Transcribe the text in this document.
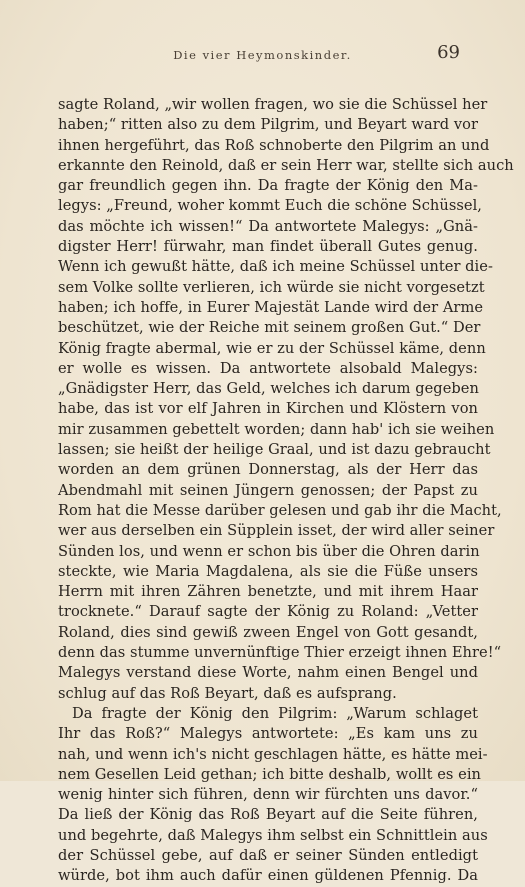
Die vier Heymonskinder.	69
sagte Roland, „wir wollen fragen, wo sie die Schüssel her
haben;“ ritten also zu dem Pilgrim, und Beyart ward vor
ihnen hergeführt, das Roß schnoberte den Pilgrim an und
erkannte den Reinold, daß er sein Herr war, stellte sich auch
gar freundlich gegen ihn. Da fragte der König den Ma-
legys: „Freund, woher kommt Euch die schöne Schüssel,
das möchte ich wissen!“ Da antwortete Malegys: „Gnä-
digster Herr! fürwahr, man findet überall Gutes genug.
Wenn ich gewußt hätte, daß ich meine Schüssel unter die-
sem Volke sollte verlieren, ich würde sie nicht vorgesetzt
haben; ich hoffe, in Eurer Majestät Lande wird der Arme
beschützet, wie der Reiche mit seinem großen Gut.“ Der
König fragte abermal, wie er zu der Schüssel käme, denn
er wolle es wissen. Da antwortete alsobald Malegys:
„Gnädigster Herr, das Geld, welches ich darum gegeben
habe, das ist vor elf Jahren in Kirchen und Klöstern von
mir zusammen gebettelt worden; dann hab' ich sie weihen
lassen; sie heißt der heilige Graal, und ist dazu gebraucht
worden an dem grünen Donnerstag, als der Herr das
Abendmahl mit seinen Jüngern genossen; der Papst zu
Rom hat die Messe darüber gelesen und gab ihr die Macht,
wer aus derselben ein Süpplein isset, der wird aller seiner
Sünden los, und wenn er schon bis über die Ohren darin
steckte, wie Maria Magdalena, als sie die Füße unsers
Herrn mit ihren Zähren benetzte, und mit ihrem Haar
trocknete.“ Darauf sagte der König zu Roland: „Vetter
Roland, dies sind gewiß zween Engel von Gott gesandt,
denn das stumme unvernünftige Thier erzeigt ihnen Ehre!“
Malegys verstand diese Worte, nahm einen Bengel und
schlug auf das Roß Beyart, daß es aufsprang.
Da fragte der König den Pilgrim: „Warum schlaget
Ihr das Roß?“ Malegys antwortete: „Es kam uns zu
nah, und wenn ich's nicht geschlagen hätte, es hätte mei-
nem Gesellen Leid gethan; ich bitte deshalb, wollt es ein
wenig hinter sich führen, denn wir fürchten uns davor.“
Da ließ der König das Roß Beyart auf die Seite führen,
und begehrte, daß Malegys ihm selbst ein Schnittlein aus
der Schüssel gebe, auf daß er seiner Sünden entledigt
würde, bot ihm auch dafür einen güldenen Pfennig. Da
